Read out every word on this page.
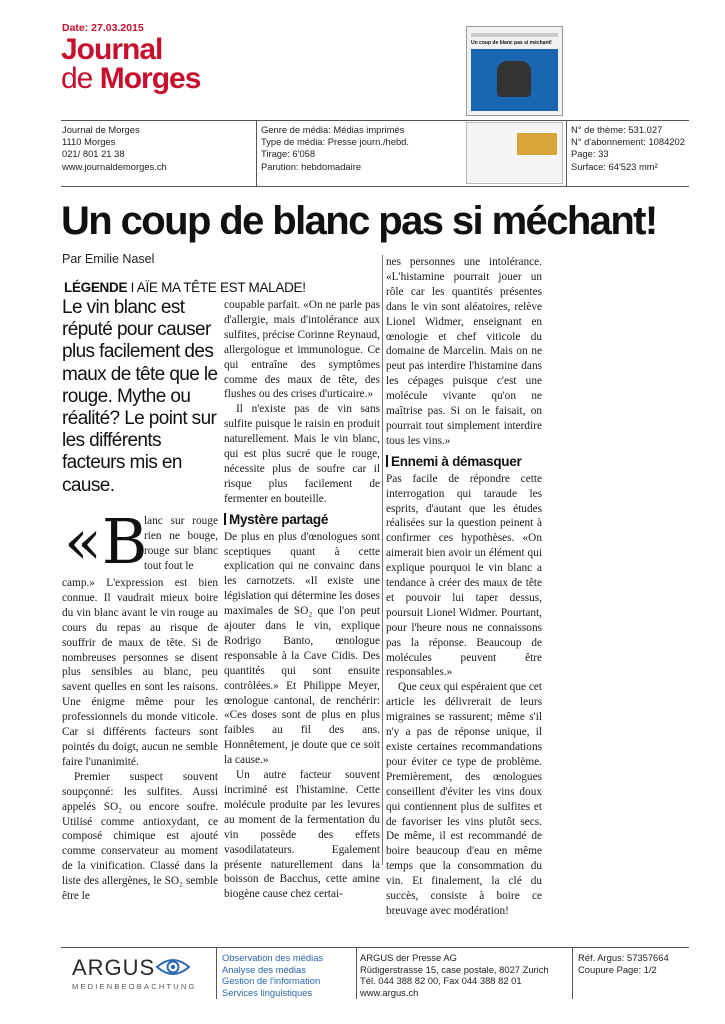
Date: 27.03.2015
Journal
de Morges
Un coup de blanc pas si méchant!
Journal de Morges
1110 Morges
021/ 801 21 38
www.journaldemorges.ch
Genre de média: Médias imprimés
Type de média: Presse journ./hebd.
Tirage: 6'058
Parution: hebdomadaire
N° de thème: 531.027
N° d'abonnement: 1084202
Page: 33
Surface: 64'523 mm²
Un coup de blanc pas si méchant!
Par Emilie Nasel
LÉGENDE I AÏE MA TÊTE EST MALADE!
Le vin blanc est réputé pour causer plus facilement des maux de tête que le rouge. Mythe ou réalité? Le point sur les différents facteurs mis en cause.
«B

lanc sur rouge rien ne bouge, rouge sur blanc tout fout le

camp.» L'expression est bien connue. Il vaudrait mieux boire du vin blanc avant le vin rouge au cours du repas au risque de souffrir de maux de tête. Si de nombreuses personnes se disent plus sensibles au blanc, peu savent quelles en sont les raisons. Une énigme même pour les professionnels du monde viticole. Car si différents facteurs sont pointés du doigt, aucun ne semble faire l'unanimité.

Premier suspect souvent soupçonné: les sulfites. Aussi appelés SO₂ ou encore soufre. Utilisé comme antioxydant, ce composé chimique est ajouté comme conservateur au moment de la vinification. Classé dans la liste des allergènes, le SO₂ semble être le

coupable parfait. «On ne parle pas d'allergie, mais d'intolérance aux sulfites, précise Corinne Reynaud, allergologue et immunologue. Ce qui entraîne des symptômes comme des maux de tête, des flushes ou des crises d'urticaire.»

Il n'existe pas de vin sans sulfite puisque le raisin en produit naturellement. Mais le vin blanc, qui est plus sucré que le rouge, nécessite plus de soufre car il risque plus facilement de fermenter en bouteille.

Mystère partagé

De plus en plus d'œnologues sont sceptiques quant à cette explication qui ne convainc dans les carnotzets. «Il existe une législation qui détermine les doses maximales de SO₂ que l'on peut ajouter dans le vin, explique Rodrigo Banto, œnologue responsable à la Cave Cidis. Des quantités qui sont ensuite contrôlées.» Et Philippe Meyer, œnologue cantonal, de renchérir: «Ces doses sont de plus en plus faibles au fil des ans. Honnêtement, je doute que ce soit la cause.»

Un autre facteur souvent incriminé est l'histamine. Cette molécule produite par les levures au moment de la fermentation du vin possède des effets vasodilatateurs. Egalement présente naturellement dans la boisson de Bacchus, cette amine biogène cause chez certai-

nes personnes une intolérance. «L'histamine pourrait jouer un rôle car les quantités présentes dans le vin sont aléatoires, relève Lionel Widmer, enseignant en œnologie et chef viticole du domaine de Marcelin. Mais on ne peut pas interdire l'histamine dans les cépages puisque c'est une molécule vivante qu'on ne maîtrise pas. Si on le faisait, on pourrait tout simplement interdire tous les vins.»

Ennemi à démasquer

Pas facile de répondre cette interrogation qui taraude les esprits, d'autant que les études réalisées sur la question peinent à confirmer ces hypothèses. «On aimerait bien avoir un élément qui explique pourquoi le vin blanc a tendance à créer des maux de tête et pouvoir lui taper dessus, poursuit Lionel Widmer. Pourtant, pour l'heure nous ne connaissons pas la réponse. Beaucoup de molécules peuvent être responsables.»

Que ceux qui espéraient que cet article les délivrerait de leurs migraines se rassurent; même s'il n'y a pas de réponse unique, il existe certaines recommandations pour éviter ce type de problème. Premièrement, des œnologues conseillent d'éviter les vins doux qui contiennent plus de sulfites et de favoriser les vins plutôt secs. De même, il est recommandé de boire beaucoup d'eau en même temps que la consommation du vin. Et finalement, la clé du succès, consiste à boire ce breuvage avec modération!

ARGUS
MEDIENBEOBACHTUNG
Observation des médias
Analyse des médias
Gestion de l'information
Services linguistiques
ARGUS der Presse AG
Rüdigerstrasse 15, case postale, 8027 Zurich
Tél. 044 388 82 00, Fax 044 388 82 01
www.argus.ch
Réf. Argus: 57357664
Coupure Page: 1/2
